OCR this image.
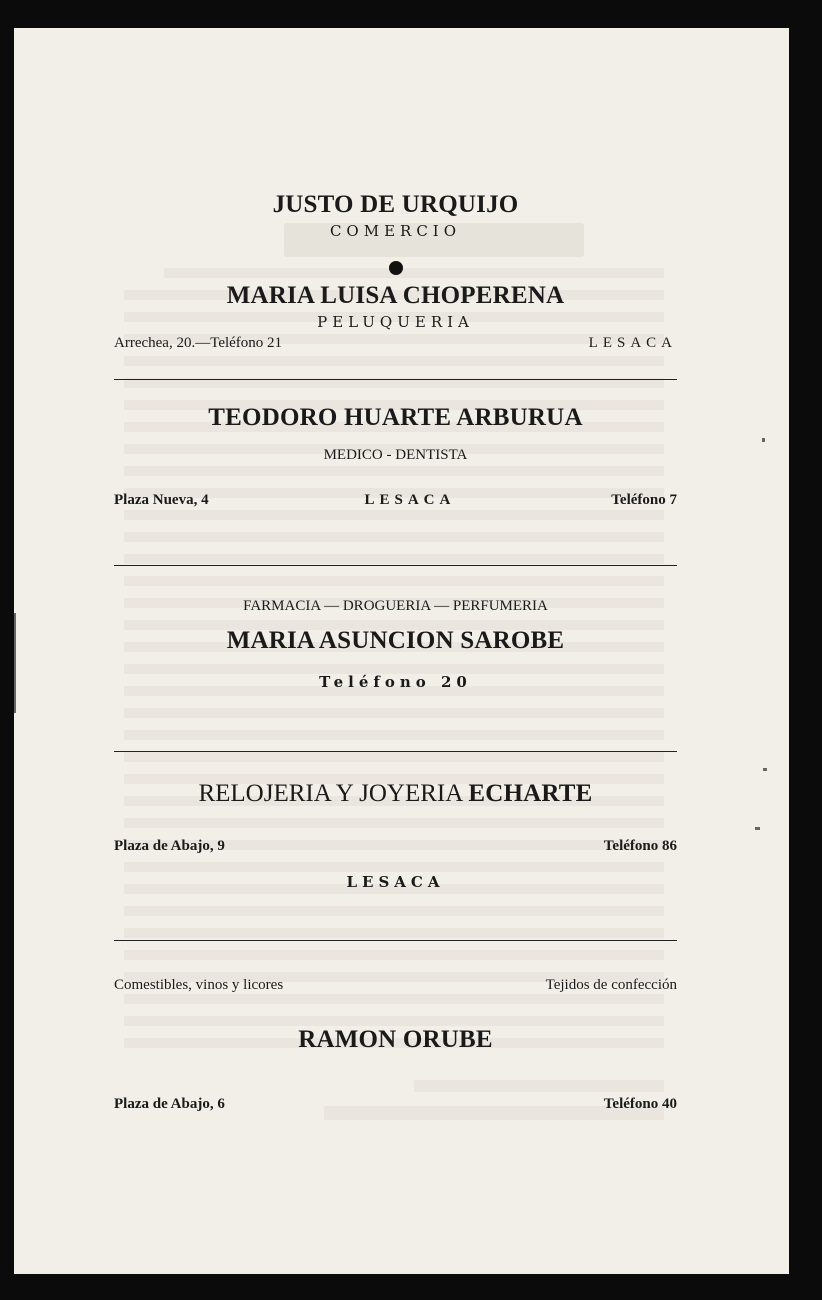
JUSTO DE URQUIJO
COMERCIO
MARIA LUISA CHOPERENA
PELUQUERIA
Arrechea, 20.—Teléfono 21	LESACA
TEODORO HUARTE ARBURUA
MEDICO - DENTISTA
Plaza Nueva, 4	LESACA	Teléfono 7
FARMACIA — DROGUERIA — PERFUMERIA
MARIA ASUNCION SAROBE
Teléfono 20
RELOJERIA Y JOYERIA ECHARTE
Plaza de Abajo, 9	Teléfono 86
LESACA
Comestibles, vinos y licores	Tejidos de confección
RAMON ORUBE
Plaza de Abajo, 6	Teléfono 40
